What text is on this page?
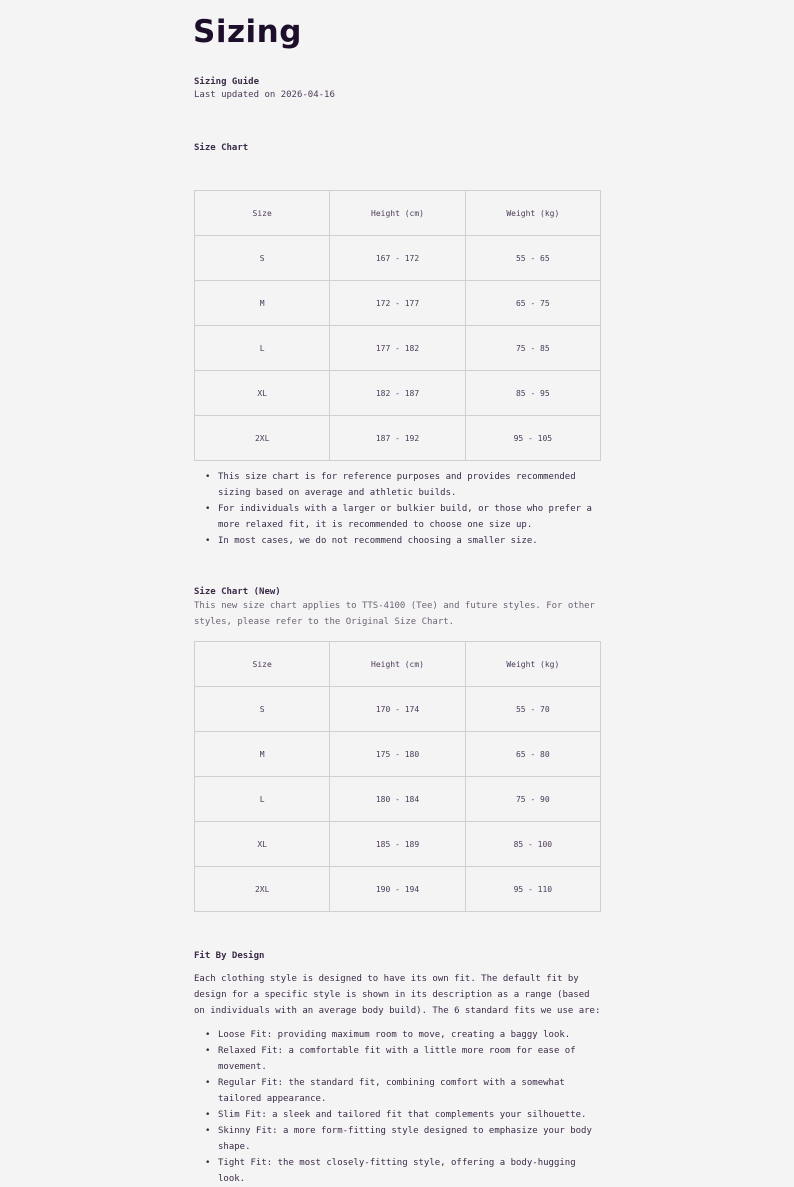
Sizing
Sizing Guide
Last updated on 2026-04-16
Size Chart
Size	Height (cm)	Weight (kg)
S	167 - 172	55 - 65
M	172 - 177	65 - 75
L	177 - 182	75 - 85
XL	182 - 187	85 - 95
2XL	187 - 192	95 - 105
• This size chart is for reference purposes and provides recommended sizing based on average and athletic builds.
• For individuals with a larger or bulkier build, or those who prefer a more relaxed fit, it is recommended to choose one size up.
• In most cases, we do not recommend choosing a smaller size.
Size Chart (New)
This new size chart applies to TTS-4100 (Tee) and future styles. For other styles, please refer to the Original Size Chart.
Size	Height (cm)	Weight (kg)
S	170 - 174	55 - 70
M	175 - 180	65 - 80
L	180 - 184	75 - 90
XL	185 - 189	85 - 100
2XL	190 - 194	95 - 110
Fit By Design
Each clothing style is designed to have its own fit. The default fit by design for a specific style is shown in its description as a range (based on individuals with an average body build). The 6 standard fits we use are:
• Loose Fit: providing maximum room to move, creating a baggy look.
• Relaxed Fit: a comfortable fit with a little more room for ease of movement.
• Regular Fit: the standard fit, combining comfort with a somewhat tailored appearance.
• Slim Fit: a sleek and tailored fit that complements your silhouette.
• Skinny Fit: a more form-fitting style designed to emphasize your body shape.
• Tight Fit: the most closely-fitting style, offering a body-hugging look.
